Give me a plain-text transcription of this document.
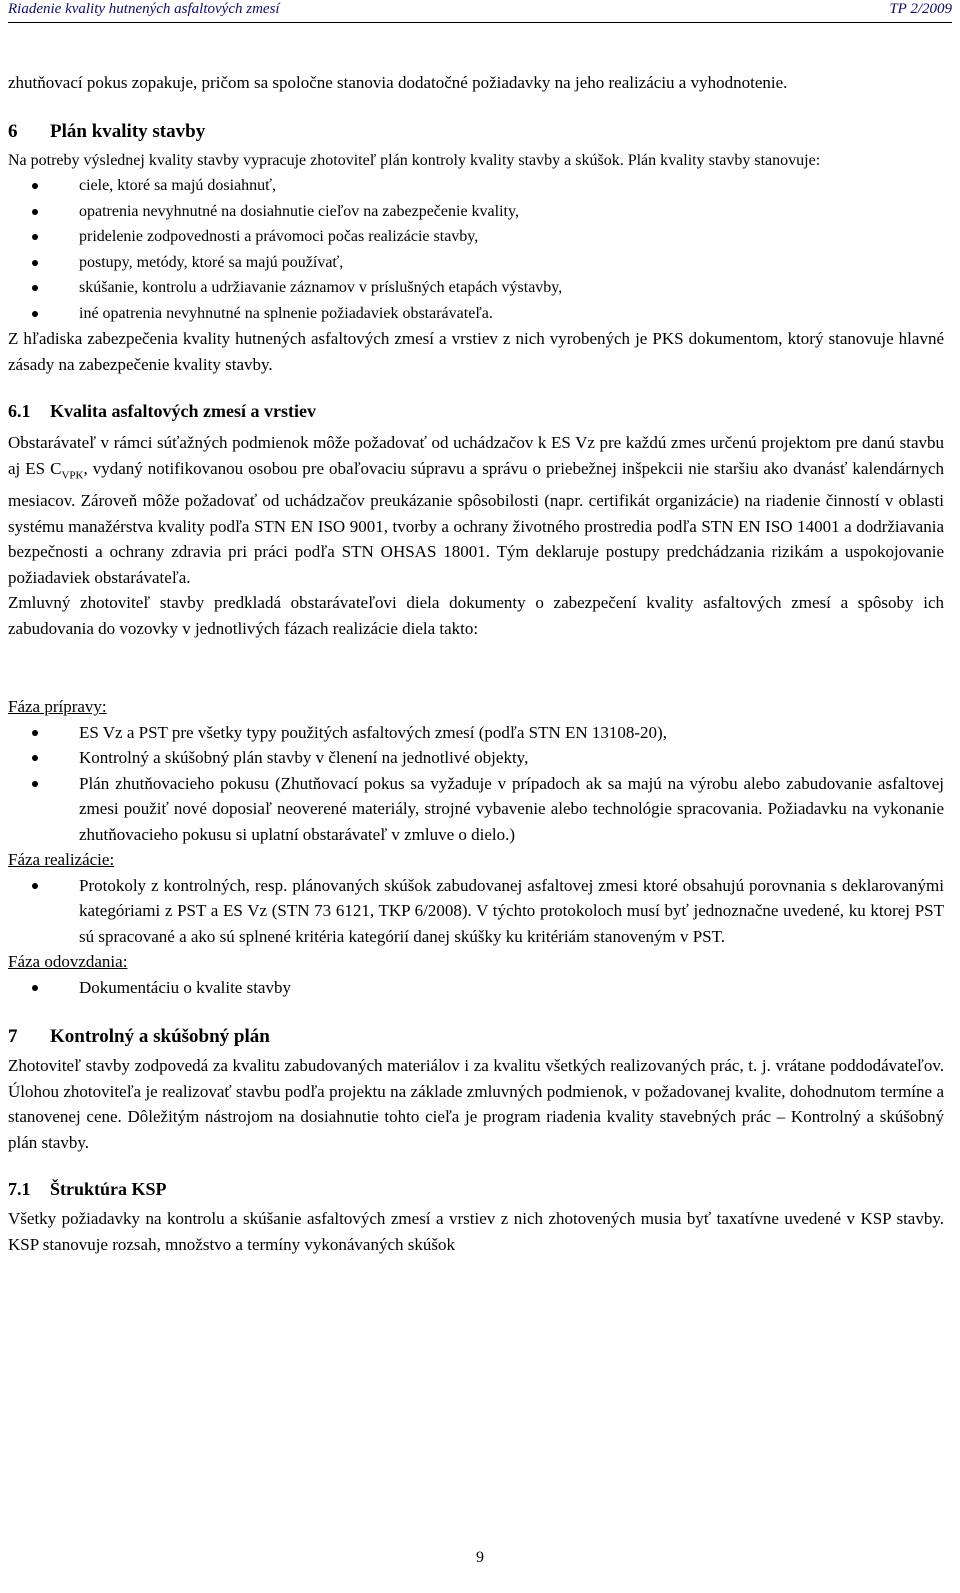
Riadenie kvality hutnených asfaltových zmesí	TP 2/2009

zhutňovací pokus zopakuje, pričom sa spoločne stanovia dodatočné požiadavky na jeho realizáciu a vyhodnotenie.

6 Plán kvality stavby

Na potreby výslednej kvality stavby vypracuje zhotoviteľ plán kontroly kvality stavby a skúšok. Plán kvality stavby stanovuje:

ciele, ktoré sa majú dosiahnuť,
opatrenia nevyhnutné na dosiahnutie cieľov na zabezpečenie kvality,
pridelenie zodpovednosti a právomoci počas realizácie stavby,
postupy, metódy, ktoré sa majú používať,
skúšanie, kontrolu a udržiavanie záznamov v príslušných etapách výstavby,
iné opatrenia nevyhnutné na splnenie požiadaviek obstarávateľa.

Z hľadiska zabezpečenia kvality hutnených asfaltových zmesí a vrstiev z nich vyrobených je PKS dokumentom, ktorý stanovuje hlavné zásady na zabezpečenie kvality stavby.

6.1 Kvalita asfaltových zmesí a vrstiev

Obstarávateľ v rámci súťažných podmienok môže požadovať od uchádzačov k ES Vz pre každú zmes určenú projektom pre danú stavbu aj ES $C_{VPK}$, vydaný notifikovanou osobou pre obaľovaciu súpravu a správu o priebežnej inšpekcii nie staršiu ako dvanásť kalendárnych mesiacov. Zároveň môže požadovať od uchádzačov preukázanie spôsobilosti (napr. certifikát organizácie) na riadenie činností v oblasti systému manažérstva kvality podľa STN EN ISO 9001, tvorby a ochrany životného prostredia podľa STN EN ISO 14001 a dodržiavania bezpečnosti a ochrany zdravia pri práci podľa STN OHSAS 18001. Tým deklaruje postupy predchádzania rizikám a uspokojovanie požiadaviek obstarávateľa.

Zmluvný zhotoviteľ stavby predkladá obstarávateľovi diela dokumenty o zabezpečení kvality asfaltových zmesí a spôsoby ich zabudovania do vozovky v jednotlivých fázach realizácie diela takto:

Fáza prípravy:
ES Vz a PST pre všetky typy použitých asfaltových zmesí (podľa STN EN 13108-20),
Kontrolný a skúšobný plán stavby v členení na jednotlivé objekty,
Plán zhutňovacieho pokusu (Zhutňovací pokus sa vyžaduje v prípadoch ak sa majú na výrobu alebo zabudovanie asfaltovej zmesi použiť nové doposiaľ neoverené materiály, strojné vybavenie alebo technológie spracovania. Požiadavku na vykonanie zhutňovacieho pokusu si uplatní obstarávateľ v zmluve o dielo.)
Fáza realizácie:
Protokoly z kontrolných, resp. plánovaných skúšok zabudovanej asfaltovej zmesi ktoré obsahujú porovnania s deklarovanými kategóriami z PST a ES Vz (STN 73 6121, TKP 6/2008). V týchto protokoloch musí byť jednoznačne uvedené, ku ktorej PST sú spracované a ako sú splnené kritéria kategórií danej skúšky ku kritériám stanoveným v PST.
Fáza odovzdania:
Dokumentáciu o kvalite stavby
7 Kontrolný a skúšobný plán

Zhotoviteľ stavby zodpovedá za kvalitu zabudovaných materiálov i za kvalitu všetkých realizovaných prác, t. j. vrátane poddodávateľov. Úlohou zhotoviteľa je realizovať stavbu podľa projektu na základe zmluvných podmienok, v požadovanej kvalite, dohodnutom termíne a stanovenej cene. Dôležitým nástrojom na dosiahnutie tohto cieľa je program riadenia kvality stavebných prác – Kontrolný a skúšobný plán stavby.

7.1 Štruktúra KSP

Všetky požiadavky na kontrolu a skúšanie asfaltových zmesí a vrstiev z nich zhotovených musia byť taxatívne uvedené v KSP stavby. KSP stanovuje rozsah, množstvo a termíny vykonávaných skúšok

9
